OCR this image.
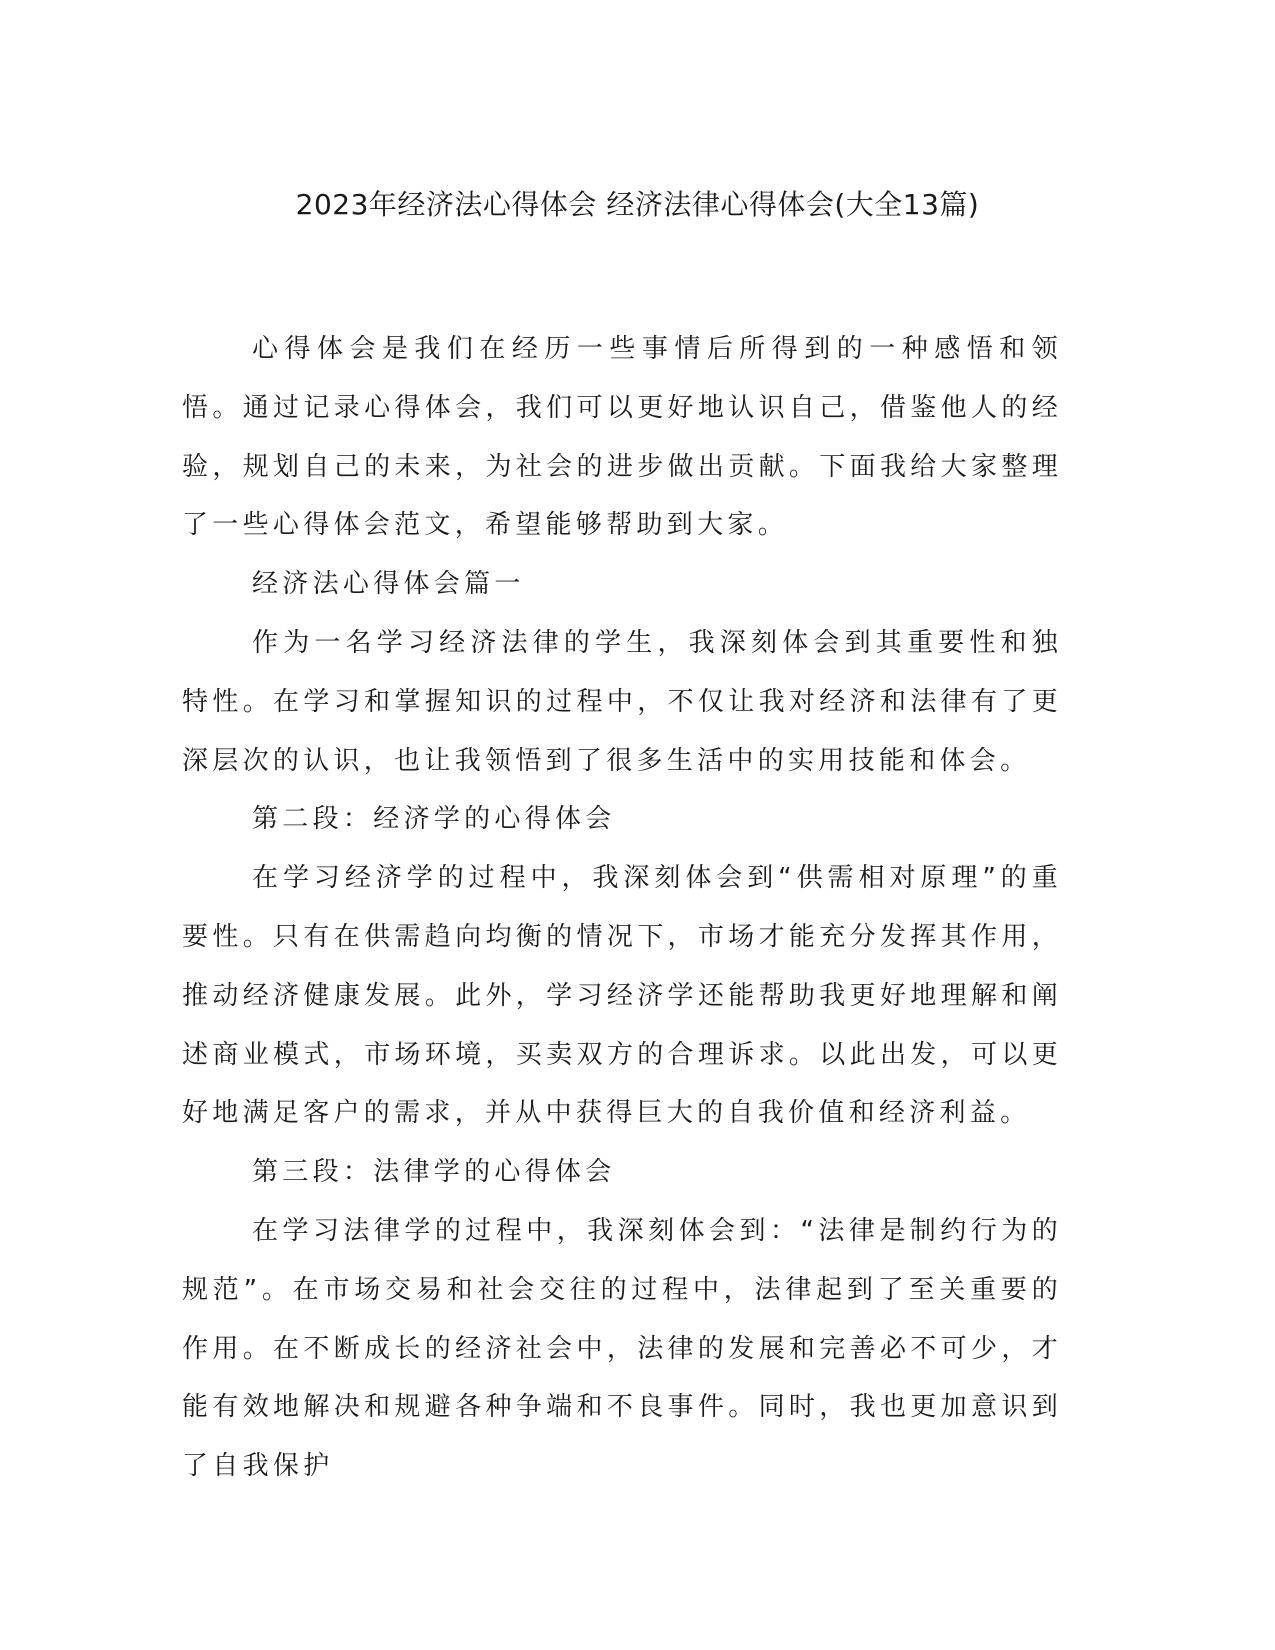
2023年经济法心得体会 经济法律心得体会(大全13篇)

心得体会是我们在经历一些事情后所得到的一种感悟和领悟。通过记录心得体会，我们可以更好地认识自己，借鉴他人的经验，规划自己的未来，为社会的进步做出贡献。下面我给大家整理了一些心得体会范文，希望能够帮助到大家。

经济法心得体会篇一

作为一名学习经济法律的学生，我深刻体会到其重要性和独特性。在学习和掌握知识的过程中，不仅让我对经济和法律有了更深层次的认识，也让我领悟到了很多生活中的实用技能和体会。

第二段：经济学的心得体会

在学习经济学的过程中，我深刻体会到“供需相对原理”的重要性。只有在供需趋向均衡的情况下，市场才能充分发挥其作用，推动经济健康发展。此外，学习经济学还能帮助我更好地理解和阐述商业模式，市场环境，买卖双方的合理诉求。以此出发，可以更好地满足客户的需求，并从中获得巨大的自我价值和经济利益。

第三段：法律学的心得体会

在学习法律学的过程中，我深刻体会到：“法律是制约行为的规范”。在市场交易和社会交往的过程中，法律起到了至关重要的作用。在不断成长的经济社会中，法律的发展和完善必不可少，才能有效地解决和规避各种争端和不良事件。同时，我也更加意识到了自我保护
